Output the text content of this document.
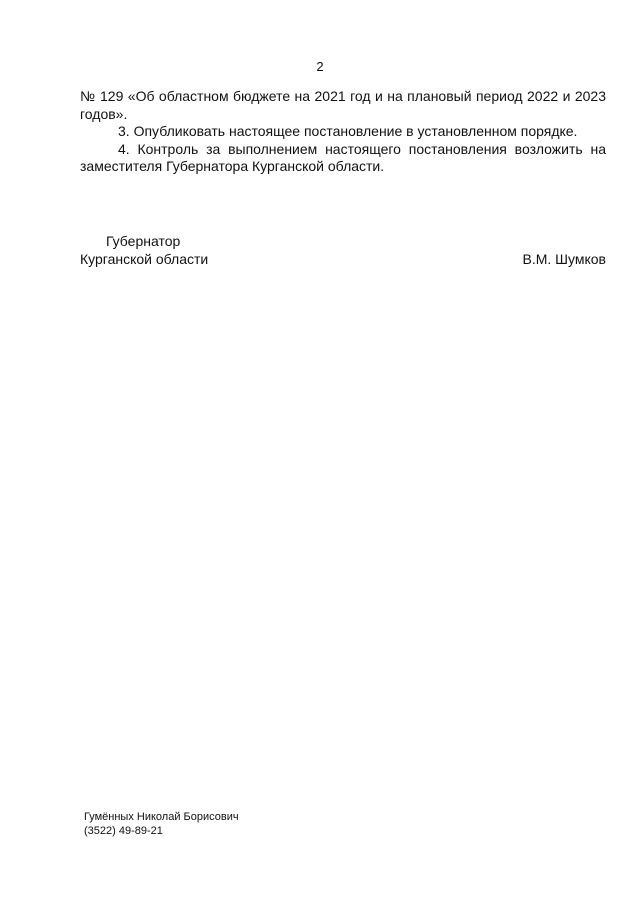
2

№ 129 «Об областном бюджете на 2021 год и на плановый период 2022 и 2023 годов».

3. Опубликовать настоящее постановление в установленном порядке.

4. Контроль за выполнением настоящего постановления возложить на заместителя Губернатора Курганской области.

Губернатор
Курганской области	В.М. Шумков
Гумённых Николай Борисович
(3522) 49-89-21
